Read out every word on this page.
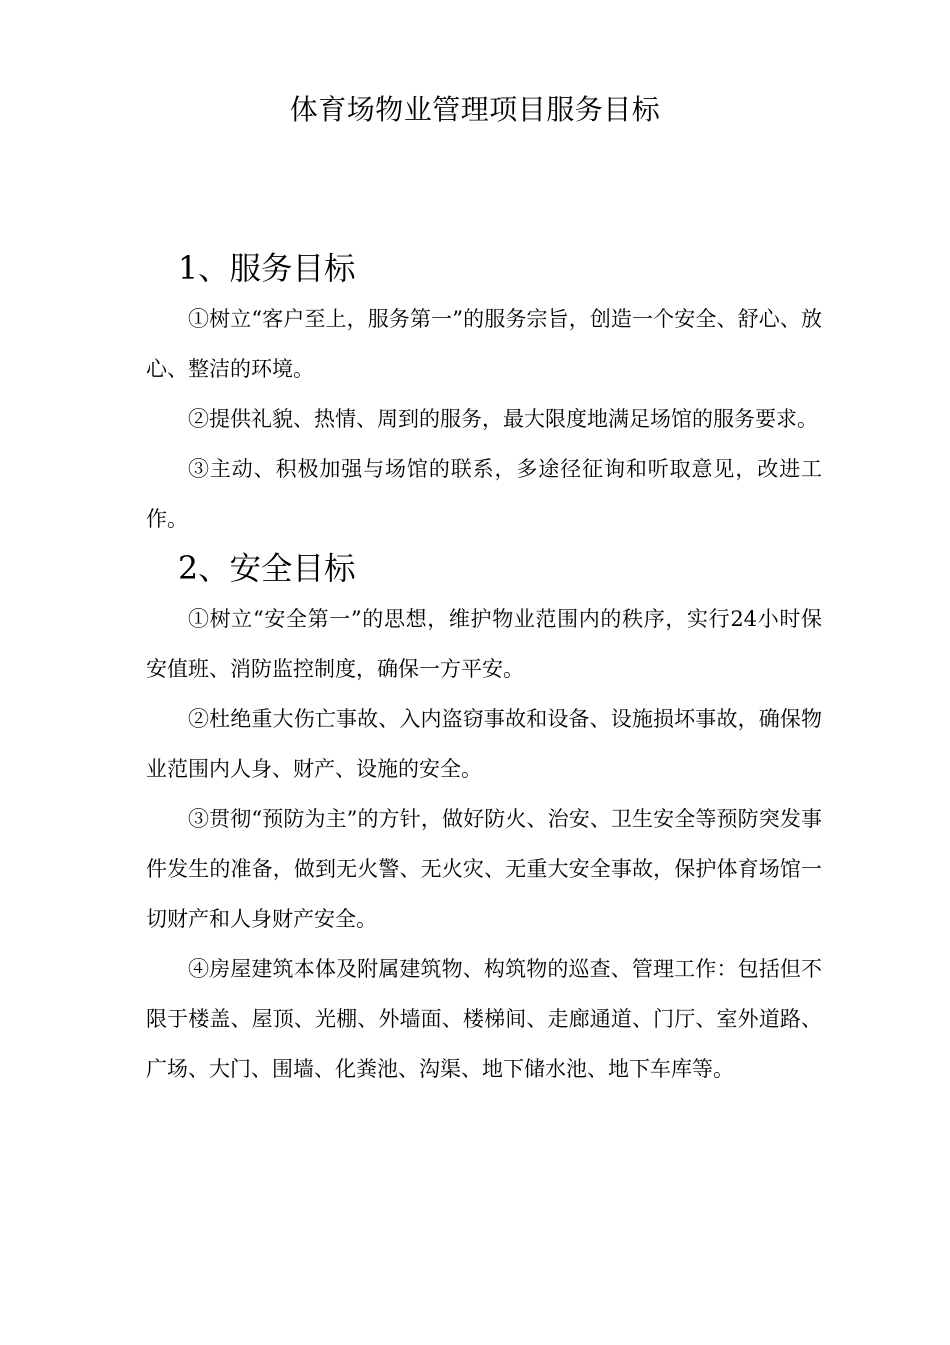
体育场物业管理项目服务目标
1、服务目标

①树立“客户至上，服务第一”的服务宗旨，创造一个安全、舒心、放心、整洁的环境。

②提供礼貌、热情、周到的服务，最大限度地满足场馆的服务要求。

③主动、积极加强与场馆的联系，多途径征询和听取意见，改进工作。

2、安全目标

①树立“安全第一”的思想，维护物业范围内的秩序，实行24小时保安值班、消防监控制度，确保一方平安。

②杜绝重大伤亡事故、入内盗窃事故和设备、设施损坏事故，确保物业范围内人身、财产、设施的安全。

③贯彻“预防为主”的方针，做好防火、治安、卫生安全等预防突发事件发生的准备，做到无火警、无火灾、无重大安全事故，保护体育场馆一切财产和人身财产安全。

④房屋建筑本体及附属建筑物、构筑物的巡查、管理工作：包括但不限于楼盖、屋顶、光棚、外墙面、楼梯间、走廊通道、门厅、室外道路、广场、大门、围墙、化粪池、沟渠、地下储水池、地下车库等。
